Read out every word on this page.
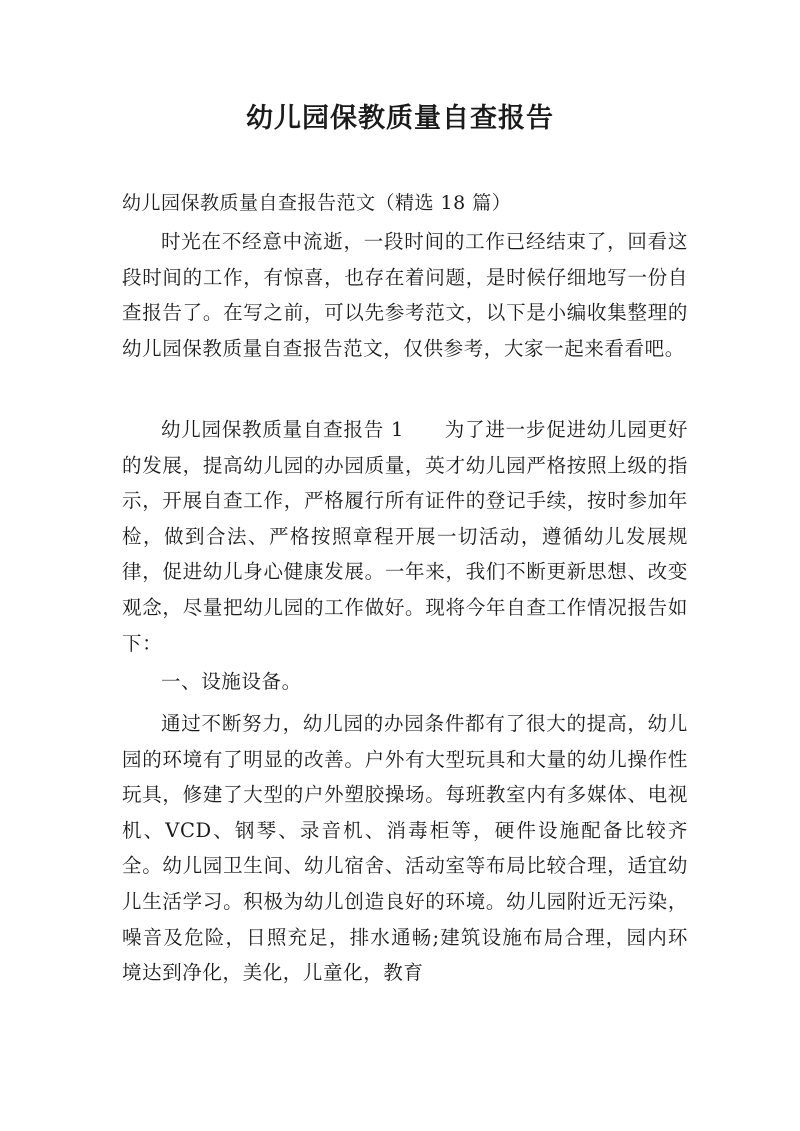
幼儿园保教质量自查报告

幼儿园保教质量自查报告范文（精选 18 篇）

时光在不经意中流逝，一段时间的工作已经结束了，回看这段时间的工作，有惊喜，也存在着问题，是时候仔细地写一份自查报告了。在写之前，可以先参考范文，以下是小编收集整理的幼儿园保教质量自查报告范文，仅供参考，大家一起来看看吧。

幼儿园保教质量自查报告 1　　为了进一步促进幼儿园更好的发展，提高幼儿园的办园质量，英才幼儿园严格按照上级的指示，开展自查工作，严格履行所有证件的登记手续，按时参加年检，做到合法、严格按照章程开展一切活动，遵循幼儿发展规律，促进幼儿身心健康发展。一年来，我们不断更新思想、改变观念，尽量把幼儿园的工作做好。现将今年自查工作情况报告如下：

一、设施设备。

通过不断努力，幼儿园的办园条件都有了很大的提高，幼儿园的环境有了明显的改善。户外有大型玩具和大量的幼儿操作性玩具，修建了大型的户外塑胶操场。每班教室内有多媒体、电视机、VCD、钢琴、录音机、消毒柜等，硬件设施配备比较齐全。幼儿园卫生间、幼儿宿舍、活动室等布局比较合理，适宜幼儿生活学习。积极为幼儿创造良好的环境。幼儿园附近无污染，噪音及危险，日照充足，排水通畅;建筑设施布局合理，园内环境达到净化，美化，儿童化，教育
